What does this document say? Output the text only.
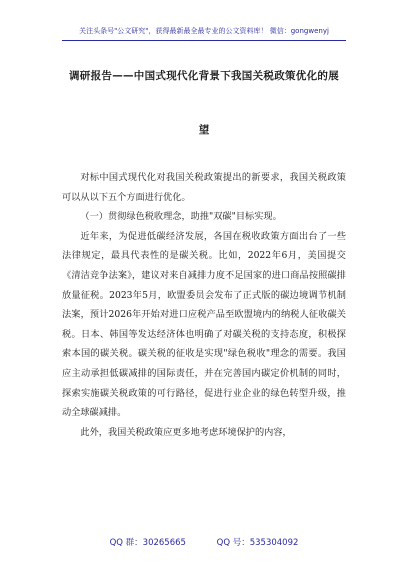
关注头条号"公文研究"，获得最新最全最专业的公文资料库！ 微信：gongwenyj
调研报告——中国式现代化背景下我国关税政策优化的展
望

对标中国式现代化对我国关税政策提出的新要求，我国关税政策可以从以下五个方面进行优化。

（一）贯彻绿色税收理念，助推"双碳"目标实现。

近年来，为促进低碳经济发展，各国在税收政策方面出台了一些法律规定，最具代表性的是碳关税。比如，2022年6月，美国提交《清洁竞争法案》，建议对来自减排力度不足国家的进口商品按照碳排放量征税。2023年5月，欧盟委员会发布了正式版的碳边境调节机制法案，预计2026年开始对进口应税产品至欧盟境内的纳税人征收碳关税。日本、韩国等发达经济体也明确了对碳关税的支持态度，积极探索本国的碳关税。碳关税的征收是实现"绿色税收"理念的需要。我国应主动承担低碳减排的国际责任，并在完善国内碳定价机制的同时，探索实施碳关税政策的可行路径，促进行业企业的绿色转型升级，推动全球碳减排。

此外，我国关税政策应更多地考虑环境保护的内容，

QQ 群：30265665	QQ 号：535304092
